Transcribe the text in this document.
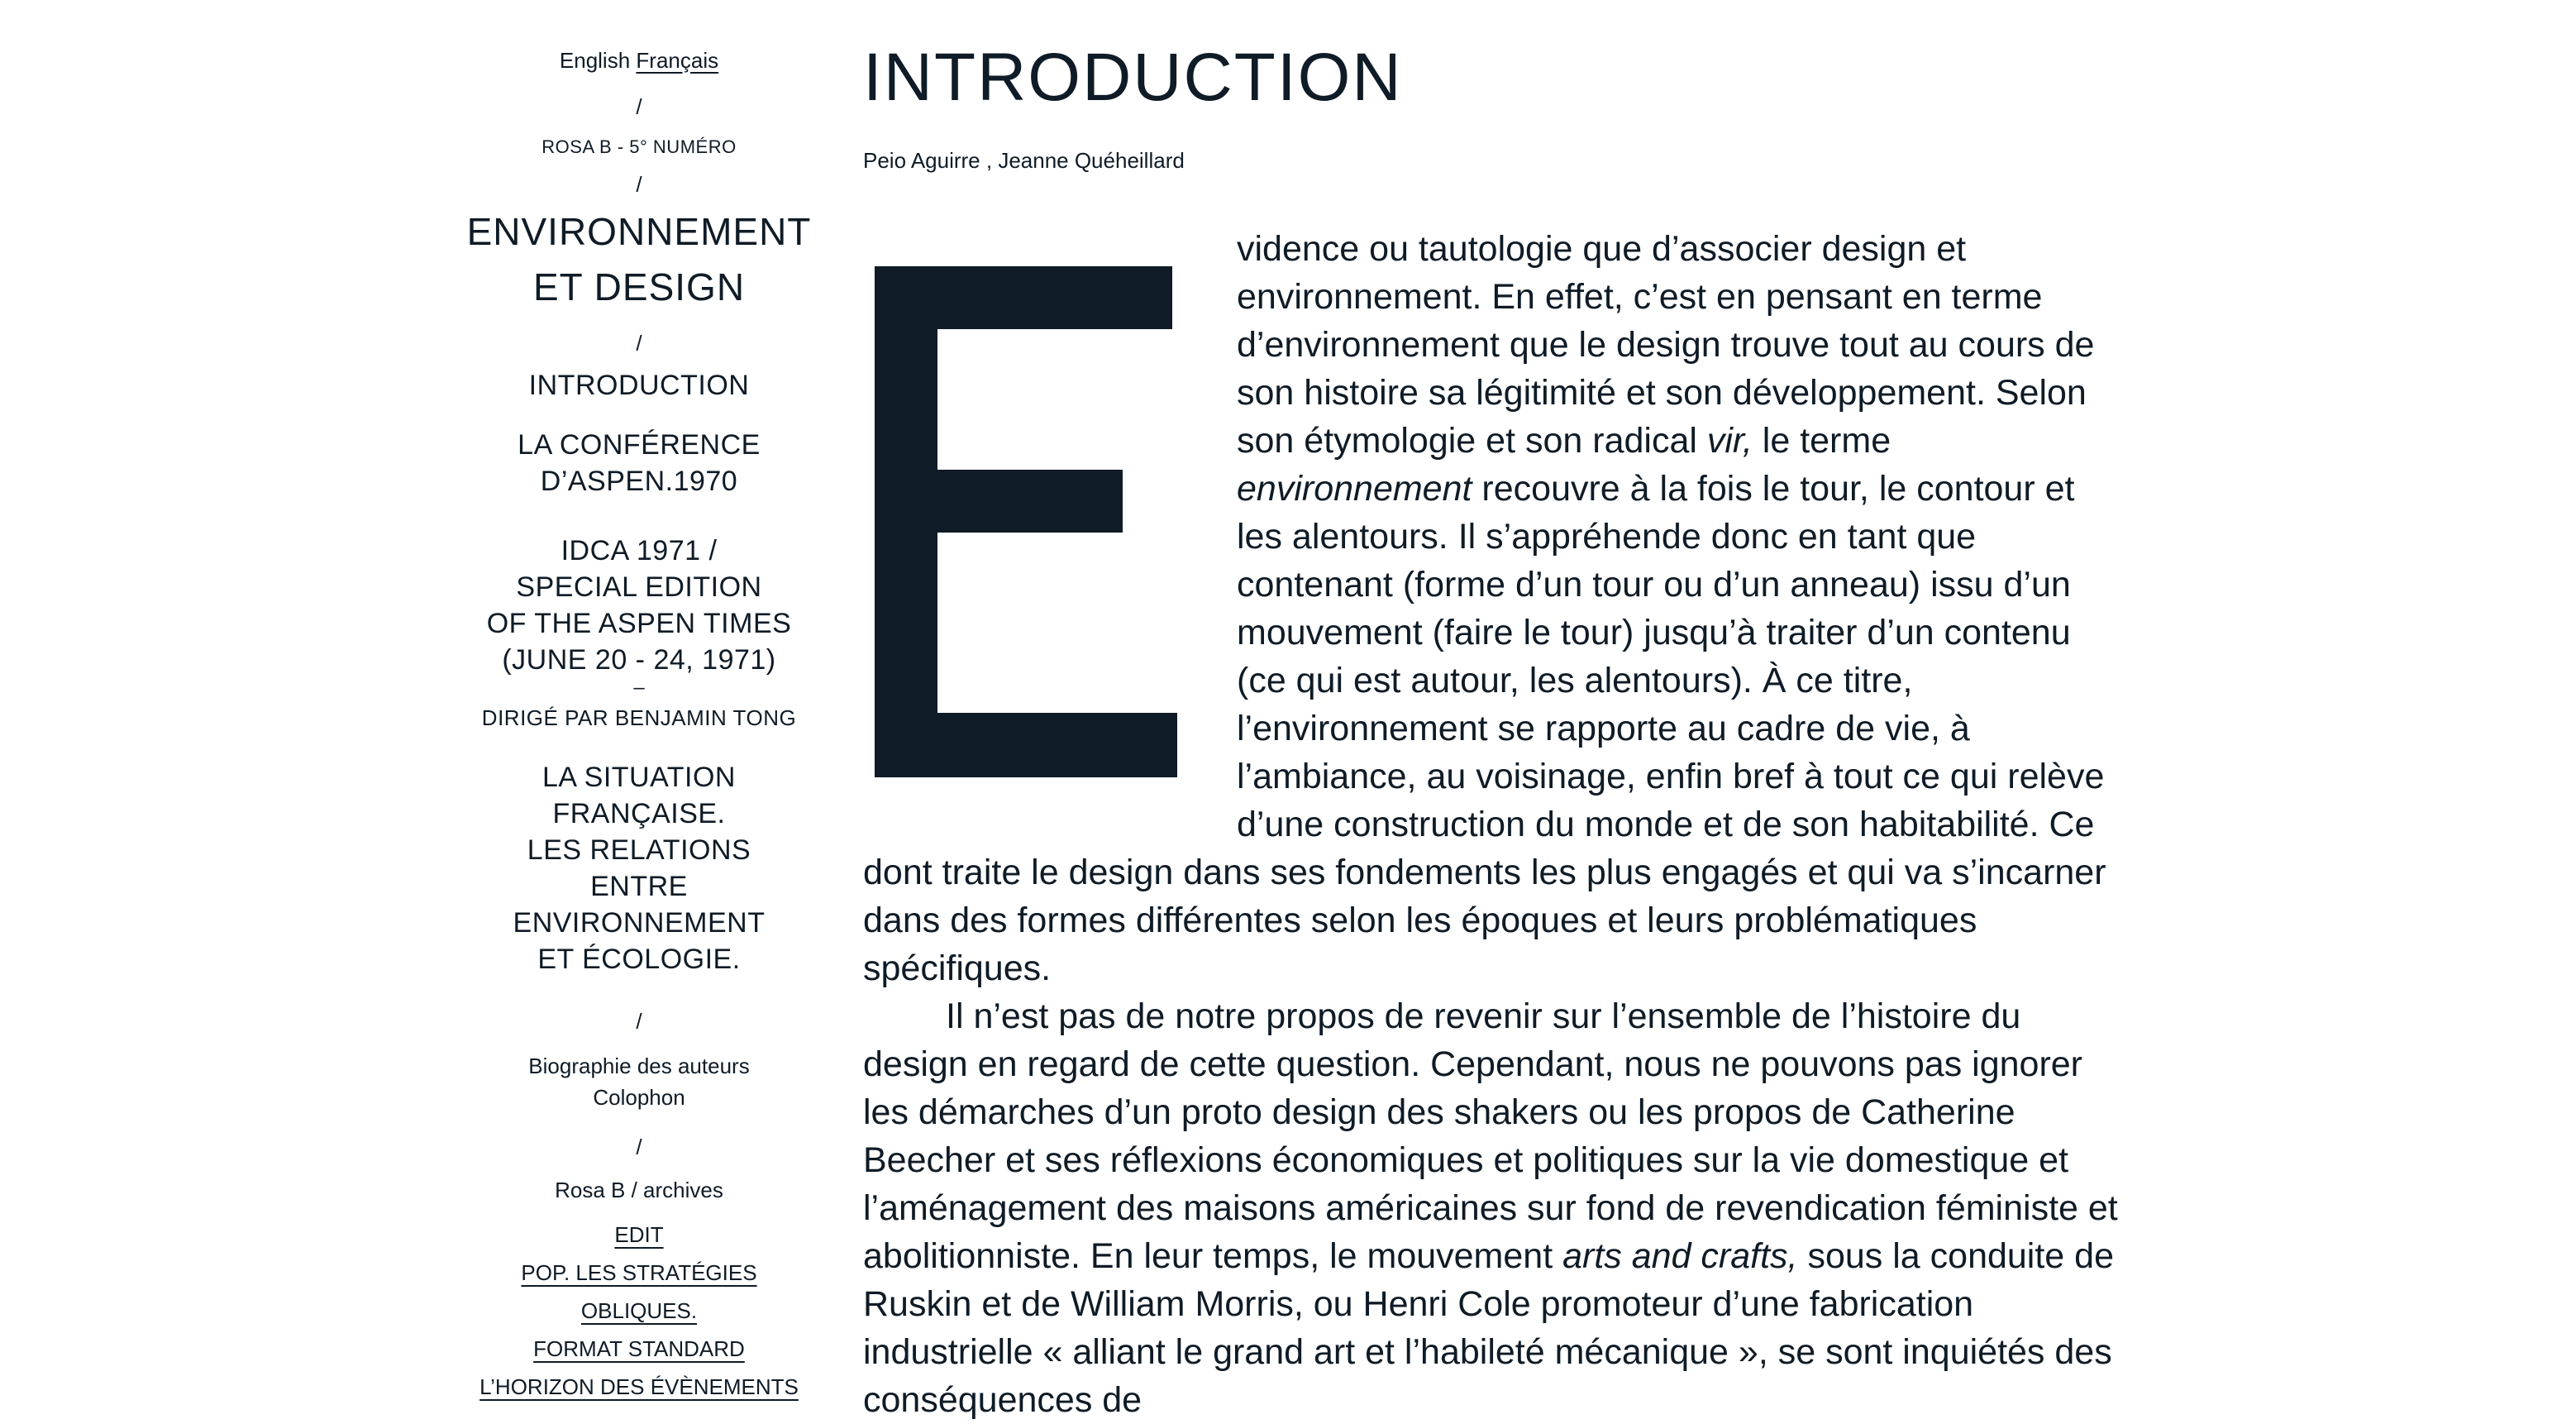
English Français

/

ROSA B - 5° NUMÉRO

/

ENVIRONNEMENT
ET DESIGN

/

INTRODUCTION
LA CONFÉRENCE
D’ASPEN.1970
IDCA 1971 /
SPECIAL EDITION
OF THE ASPEN TIMES
(JUNE 20 - 24, 1971)

–

DIRIGÉ PAR BENJAMIN TONG
LA SITUATION
FRANÇAISE.
LES RELATIONS
ENTRE
ENVIRONNEMENT
ET ÉCOLOGIE.

/

Biographie des auteurs
Colophon

/

Rosa B / archives
EDIT
POP. LES STRATÉGIES OBLIQUES.
FORMAT STANDARD
L’HORIZON DES ÉVÈNEMENTS
INTRODUCTION

Peio Aguirre , Jeanne Quéheillard

vidence ou tautologie que d’associer design et environnement. En effet, c’est en pensant en terme d’environnement que le design trouve tout au cours de son histoire sa légitimité et son développement. Selon son étymologie et son radical vir, le terme environnement recouvre à la fois le tour, le contour et les alentours. Il s’appréhende donc en tant que contenant (forme d’un tour ou d’un anneau) issu d’un mouvement (faire le tour) jusqu’à traiter d’un contenu (ce qui est autour, les alentours). À ce titre, l’environnement se rapporte au cadre de vie, à l’ambiance, au voisinage, enfin bref à tout ce qui relève d’une construction du monde et de son habitabilité. Ce dont traite le design dans ses fondements les plus engagés et qui va s’incarner dans des formes différentes selon les époques et leurs problématiques spécifiques.

Il n’est pas de notre propos de revenir sur l’ensemble de l’histoire du design en regard de cette question. Cependant, nous ne pouvons pas ignorer les démarches d’un proto design des shakers ou les propos de Catherine Beecher et ses réflexions économiques et politiques sur la vie domestique et l’aménagement des maisons américaines sur fond de revendication féministe et abolitionniste. En leur temps, le mouvement arts and crafts, sous la conduite de Ruskin et de William Morris, ou Henri Cole promoteur d’une fabrication industrielle « alliant le grand art et l’habileté mécanique », se sont inquiétés des conséquences de
